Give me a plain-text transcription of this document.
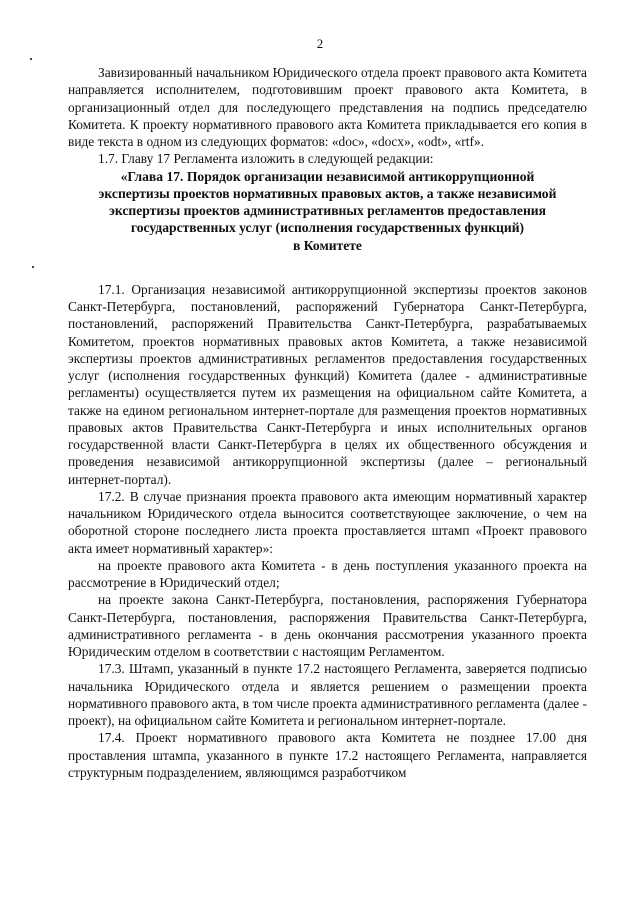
2

Завизированный начальником Юридического отдела проект правового акта Комитета направляется исполнителем, подготовившим проект правового акта Комитета, в организационный отдел для последующего представления на подпись председателю Комитета. К проекту нормативного правового акта Комитета прикладывается его копия в виде текста в одном из следующих форматов: «doc», «docx», «odt», «rtf».

1.7. Главу 17 Регламента изложить в следующей редакции:

«Глава 17. Порядок организации независимой антикоррупционной
экспертизы проектов нормативных правовых актов, а также независимой
экспертизы проектов административных регламентов предоставления
государственных услуг (исполнения государственных функций)
в Комитете

17.1. Организация независимой антикоррупционной экспертизы проектов законов Санкт-Петербурга, постановлений, распоряжений Губернатора Санкт-Петербурга, постановлений, распоряжений Правительства Санкт-Петербурга, разрабатываемых Комитетом, проектов нормативных правовых актов Комитета, а также независимой экспертизы проектов административных регламентов предоставления государственных услуг (исполнения государственных функций) Комитета (далее - административные регламенты) осуществляется путем их размещения на официальном сайте Комитета, а также на едином региональном интернет-портале для размещения проектов нормативных правовых актов Правительства Санкт-Петербурга и иных исполнительных органов государственной власти Санкт-Петербурга в целях их общественного обсуждения и проведения независимой антикоррупционной экспертизы (далее – региональный интернет-портал).

17.2. В случае признания проекта правового акта имеющим нормативный характер начальником Юридического отдела выносится соответствующее заключение, о чем на оборотной стороне последнего листа проекта проставляется штамп «Проект правового акта имеет нормативный характер»:

на проекте правового акта Комитета - в день поступления указанного проекта на рассмотрение в Юридический отдел;

на проекте закона Санкт-Петербурга, постановления, распоряжения Губернатора Санкт-Петербурга, постановления, распоряжения Правительства Санкт-Петербурга, административного регламента - в день окончания рассмотрения указанного проекта Юридическим отделом в соответствии с настоящим Регламентом.

17.3. Штамп, указанный в пункте 17.2 настоящего Регламента, заверяется подписью начальника Юридического отдела и является решением о размещении проекта нормативного правового акта, в том числе проекта административного регламента (далее - проект), на официальном сайте Комитета и региональном интернет-портале.

17.4. Проект нормативного правового акта Комитета не позднее 17.00 дня проставления штампа, указанного в пункте 17.2 настоящего Регламента, направляется структурным подразделением, являющимся разработчиком
